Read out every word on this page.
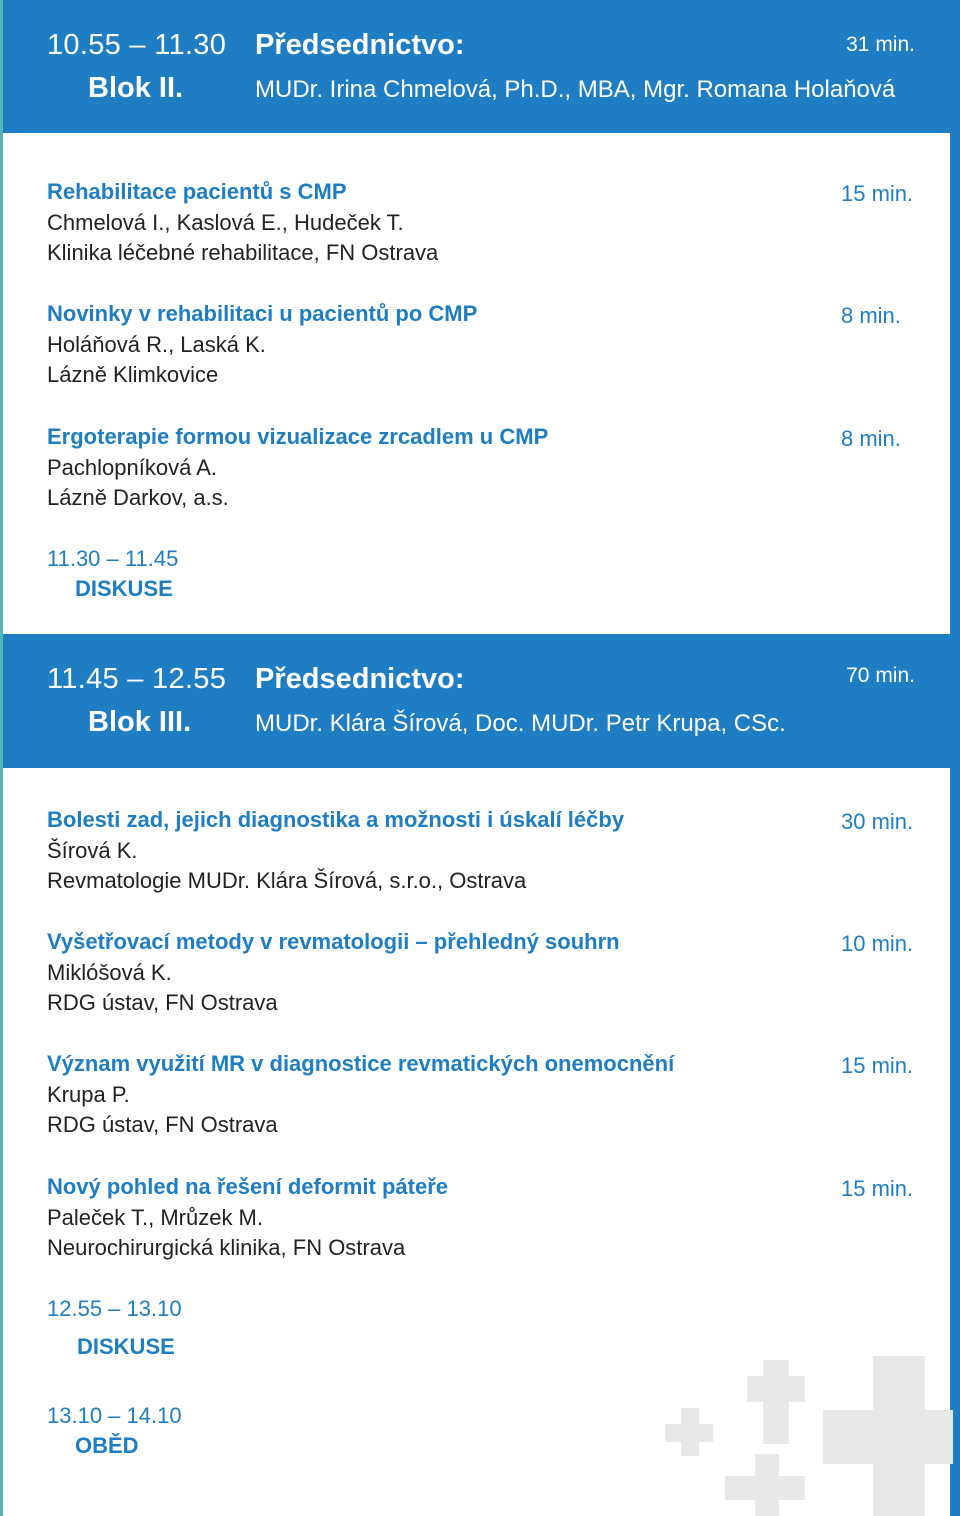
10.55 – 11.30
Blok II.
Předsednictvo:
MUDr. Irina Chmelová, Ph.D., MBA, Mgr. Romana Holaňová
31 min.
Rehabilitace pacientů s CMP
Chmelová I., Kaslová E., Hudeček T.
Klinika léčebné rehabilitace, FN Ostrava
15 min.
Novinky v rehabilitaci u pacientů po CMP
Holáňová R., Laská K.
Lázně Klimkovice
8 min.
Ergoterapie formou vizualizace zrcadlem u CMP
Pachlopníková A.
Lázně Darkov, a.s.
8 min.
11.30 – 11.45
DISKUSE
11.45 – 12.55
Blok III.
Předsednictvo:
MUDr. Klára Šírová, Doc. MUDr. Petr Krupa, CSc.
70 min.
Bolesti zad, jejich diagnostika a možnosti i úskalí léčby
Šírová K.
Revmatologie MUDr. Klára Šírová, s.r.o., Ostrava
30 min.
Vyšetřovací metody v revmatologii – přehledný souhrn
Miklóšová K.
RDG ústav, FN Ostrava
10 min.
Význam využití MR v diagnostice revmatických onemocnění
Krupa P.
RDG ústav, FN Ostrava
15 min.
Nový pohled na řešení deformit páteře
Paleček T., Mrůzek M.
Neurochirurgická klinika, FN Ostrava
15 min.
12.55 – 13.10
DISKUSE
13.10 – 14.10
OBĚD
